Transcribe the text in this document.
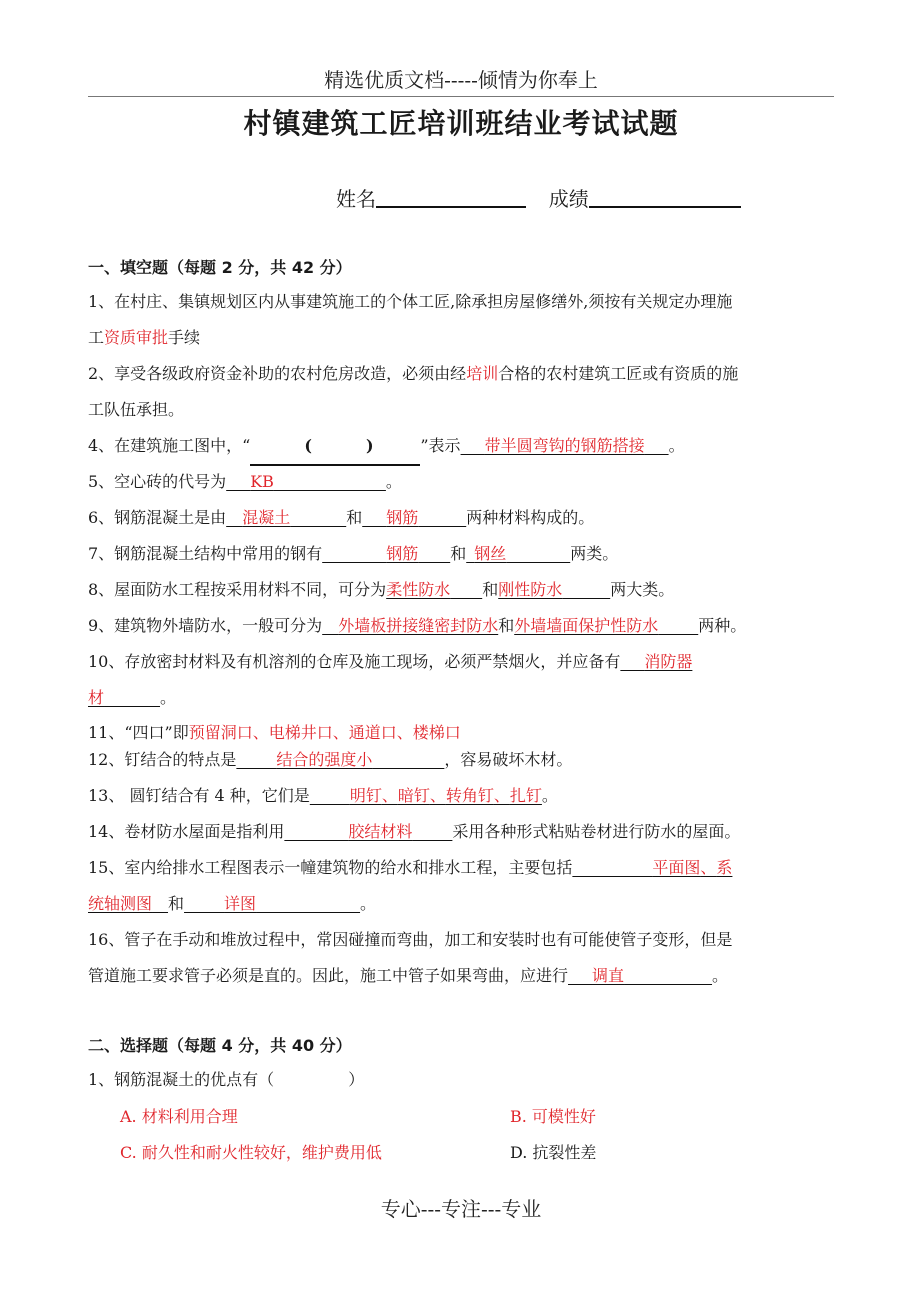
精选优质文档-----倾情为你奉上
村镇建筑工匠培训班结业考试试题
姓名	成绩
一、填空题（每题 2 分，共 42 分）
1、在村庄、集镇规划区内从事建筑施工的个体工匠,除承担房屋修缮外,须按有关规定办理施
工资质审批手续
2、享受各级政府资金补助的农村危房改造，必须由经培训合格的农村建筑工匠或有资质的施
工队伍承担。
4、在建筑施工图中，“	()”表示   带半圆弯钩的钢筋搭接   。
5、空心砖的代号为    KB       	。
6、钢筋混凝土是由   混凝土    	和    钢筋   	两种材料构成的。
7、钢筋混凝土结构中常用的钢有    	钢筋   和  钢丝    	两类。
8、屋面防水工程按采用材料不同，可分为柔性防水   和刚性防水   	两大类。
9、建筑物外墙防水，一般可分为   外墙板拼接缝密封防水和外墙墙面保护性防水   	两种。
10、存放密封材料及有机溶剂的仓库及施工现场，必须严禁烟火，并应备有   消防器
材    	。
11、“四口”即预留洞口、电梯井口、通道口、楼梯口
12、钉结合的特点是   	结合的强度小     	，容易破坏木材。
13、 圆钉结合有 4 种，它们是   	明钉、暗钉、转角钉、扎钉。
14、卷材防水屋面是指利用    	胶结材料   	采用各种形式粘贴卷材进行防水的屋面。
15、室内给排水工程图表示一幢建筑物的给水和排水工程，主要包括     	平面图、系
统轴测图  和   	详图       	。
16、管子在手动和堆放过程中，常因碰撞而弯曲，加工和安装时也有可能使管子变形，但是
管道施工要求管子必须是直的。因此，施工中管子如果弯曲，应进行   调直      	。
二、选择题（每题 4 分，共 40 分）
1、钢筋混凝土的优点有（	）
A. 材料利用合理	B. 可模性好
C. 耐久性和耐火性较好，维护费用低	D. 抗裂性差
专心---专注---专业
